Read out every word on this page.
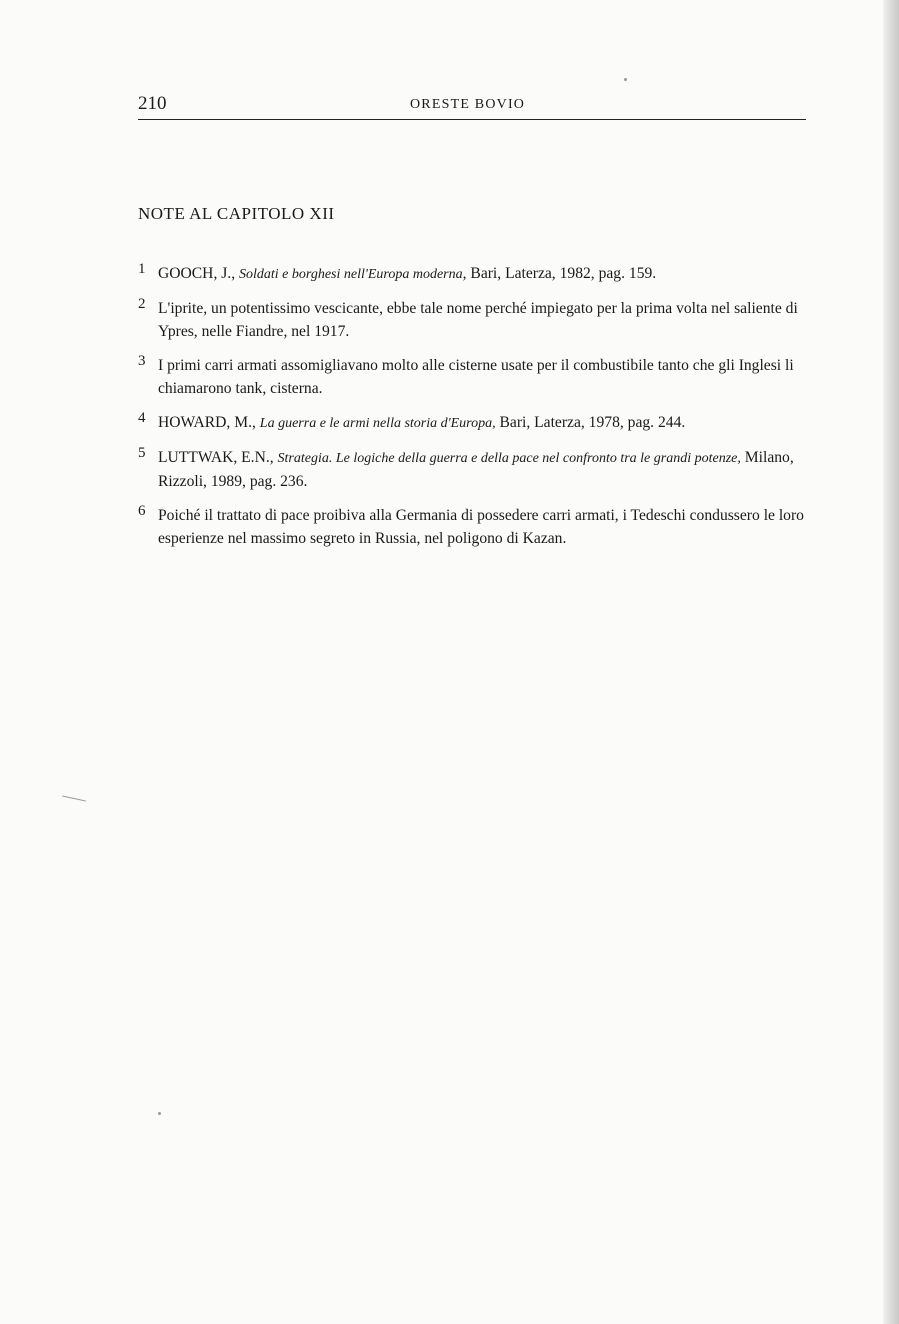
210	ORESTE BOVIO
NOTE AL CAPITOLO XII
1 GOOCH, J., Soldati e borghesi nell'Europa moderna, Bari, Laterza, 1982, pag. 159.
2 L'iprite, un potentissimo vescicante, ebbe tale nome perché impiegato per la prima volta nel saliente di Ypres, nelle Fiandre, nel 1917.
3 I primi carri armati assomigliavano molto alle cisterne usate per il combustibile tanto che gli Inglesi li chiamarono tank, cisterna.
4 HOWARD, M., La guerra e le armi nella storia d'Europa, Bari, Laterza, 1978, pag. 244.
5 LUTTWAK, E.N., Strategia. Le logiche della guerra e della pace nel confronto tra le grandi potenze, Milano, Rizzoli, 1989, pag. 236.
6 Poiché il trattato di pace proibiva alla Germania di possedere carri armati, i Tedeschi condussero le loro esperienze nel massimo segreto in Russia, nel poligono di Kazan.
